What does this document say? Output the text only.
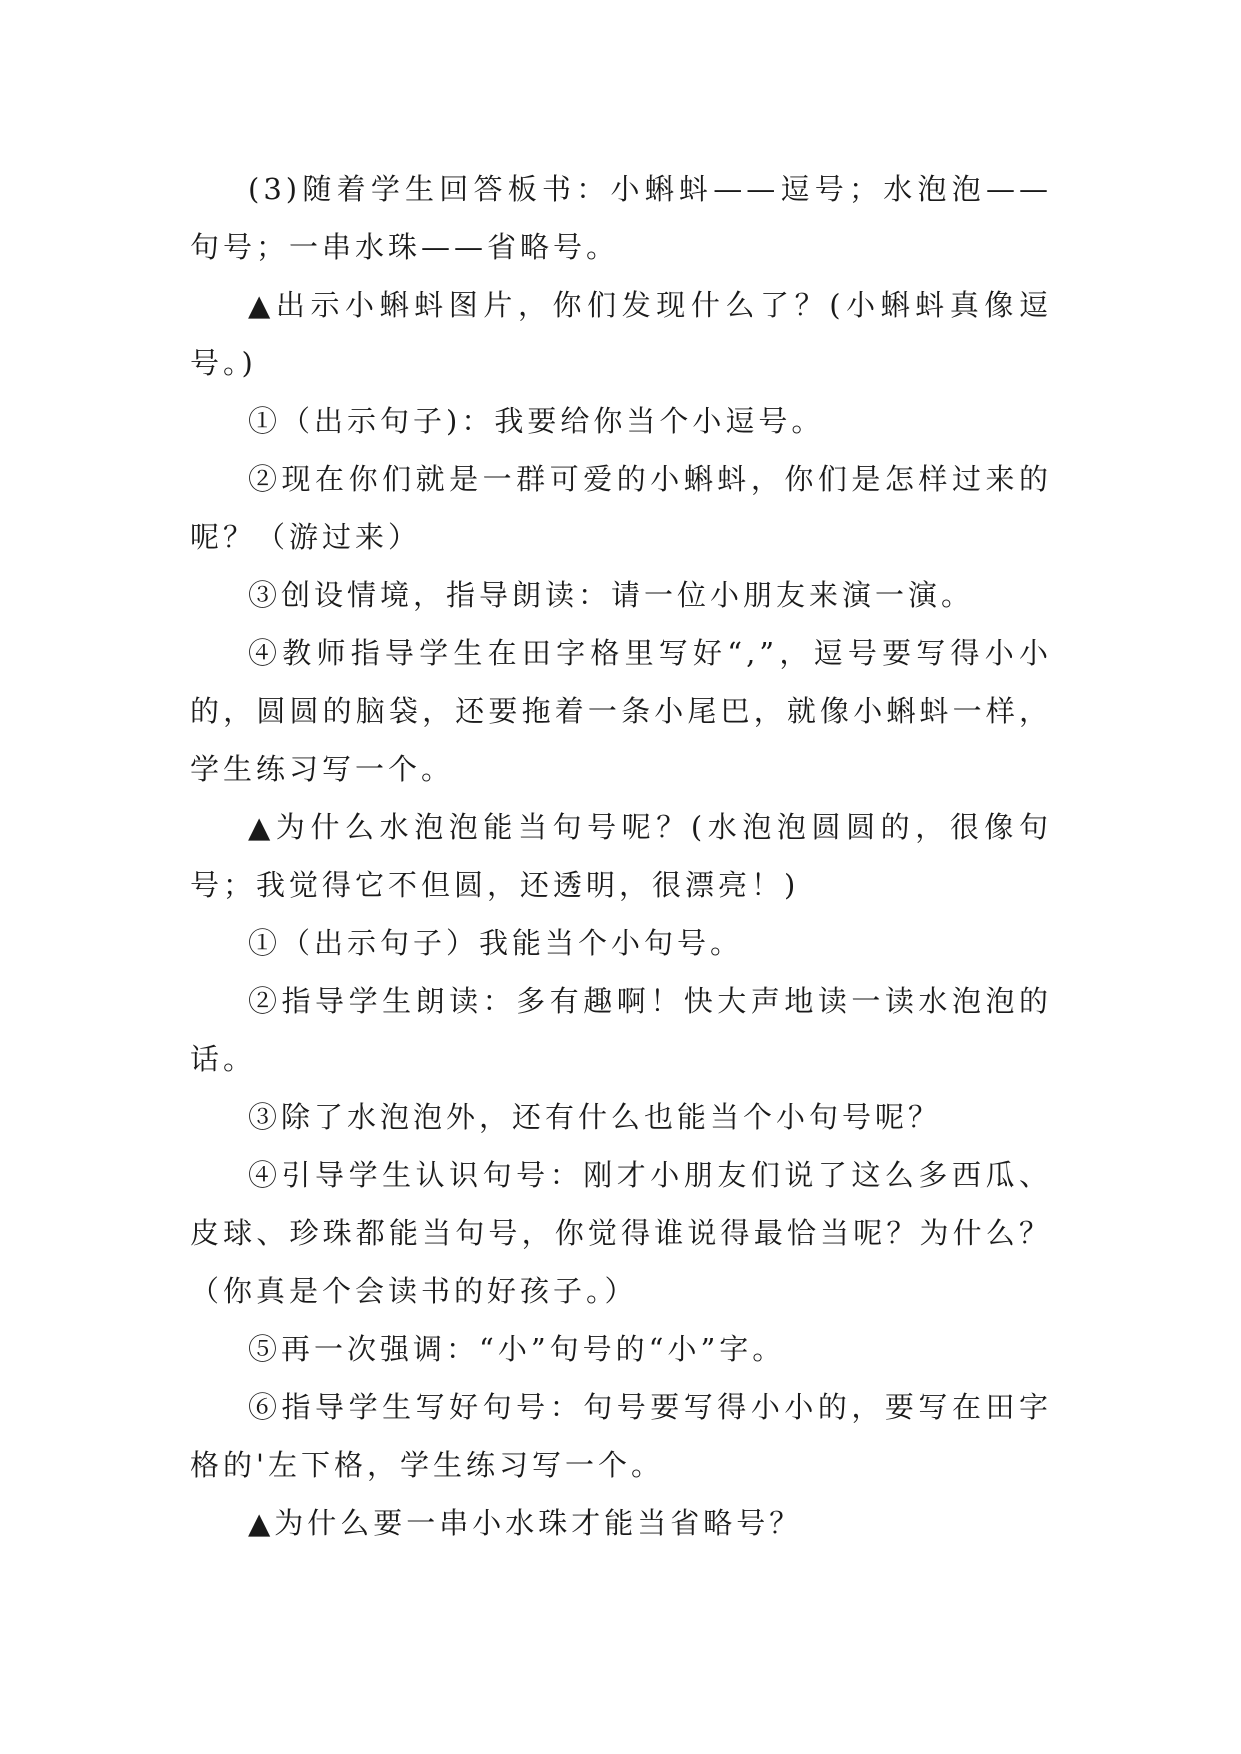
(3)随着学生回答板书：小蝌蚪——逗号；水泡泡——句号；一串水珠——省略号。

▲出示小蝌蚪图片，你们发现什么了？(小蝌蚪真像逗号。)

①（出示句子)：我要给你当个小逗号。

②现在你们就是一群可爱的小蝌蚪，你们是怎样过来的呢？（游过来）

③创设情境，指导朗读：请一位小朋友来演一演。

④教师指导学生在田字格里写好“,”，逗号要写得小小的，圆圆的脑袋，还要拖着一条小尾巴，就像小蝌蚪一样，学生练习写一个。

▲为什么水泡泡能当句号呢？(水泡泡圆圆的，很像句号；我觉得它不但圆，还透明，很漂亮！)

①（出示句子）我能当个小句号。

②指导学生朗读：多有趣啊！快大声地读一读水泡泡的话。

③除了水泡泡外，还有什么也能当个小句号呢？

④引导学生认识句号：刚才小朋友们说了这么多西瓜、皮球、珍珠都能当句号，你觉得谁说得最恰当呢？为什么？（你真是个会读书的好孩子。）

⑤再一次强调：“小”句号的“小”字。

⑥指导学生写好句号：句号要写得小小的，要写在田字格的'左下格，学生练习写一个。

▲为什么要一串小水珠才能当省略号？
